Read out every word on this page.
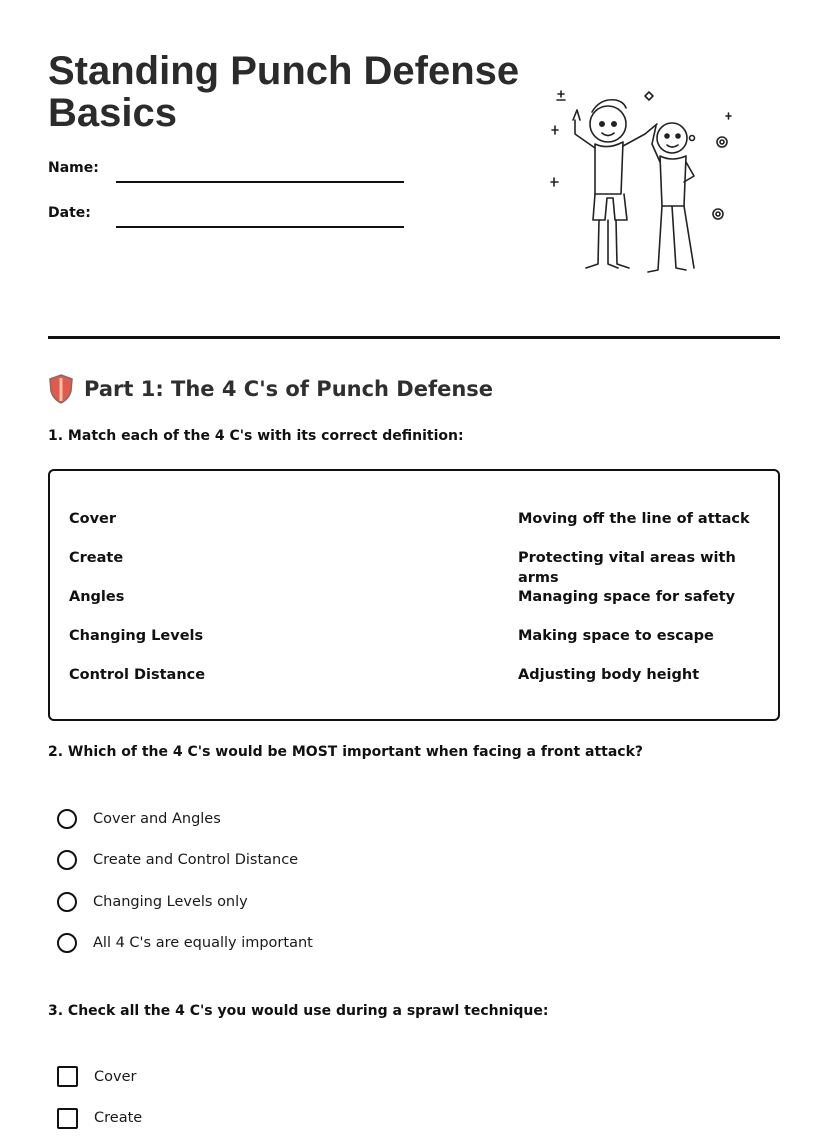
Standing Punch Defense Basics
Name:
Date:
Part 1: The 4 C's of Punch Defense
1. Match each of the 4 C's with its correct definition:
Cover
Create
Angles
Changing Levels
Control Distance
Moving off the line of attack
Protecting vital areas with arms
Managing space for safety
Making space to escape
Adjusting body height
2. Which of the 4 C's would be MOST important when facing a front attack?
Cover and Angles
Create and Control Distance
Changing Levels only
All 4 C's are equally important
3. Check all the 4 C's you would use during a sprawl technique:
Cover
Create
